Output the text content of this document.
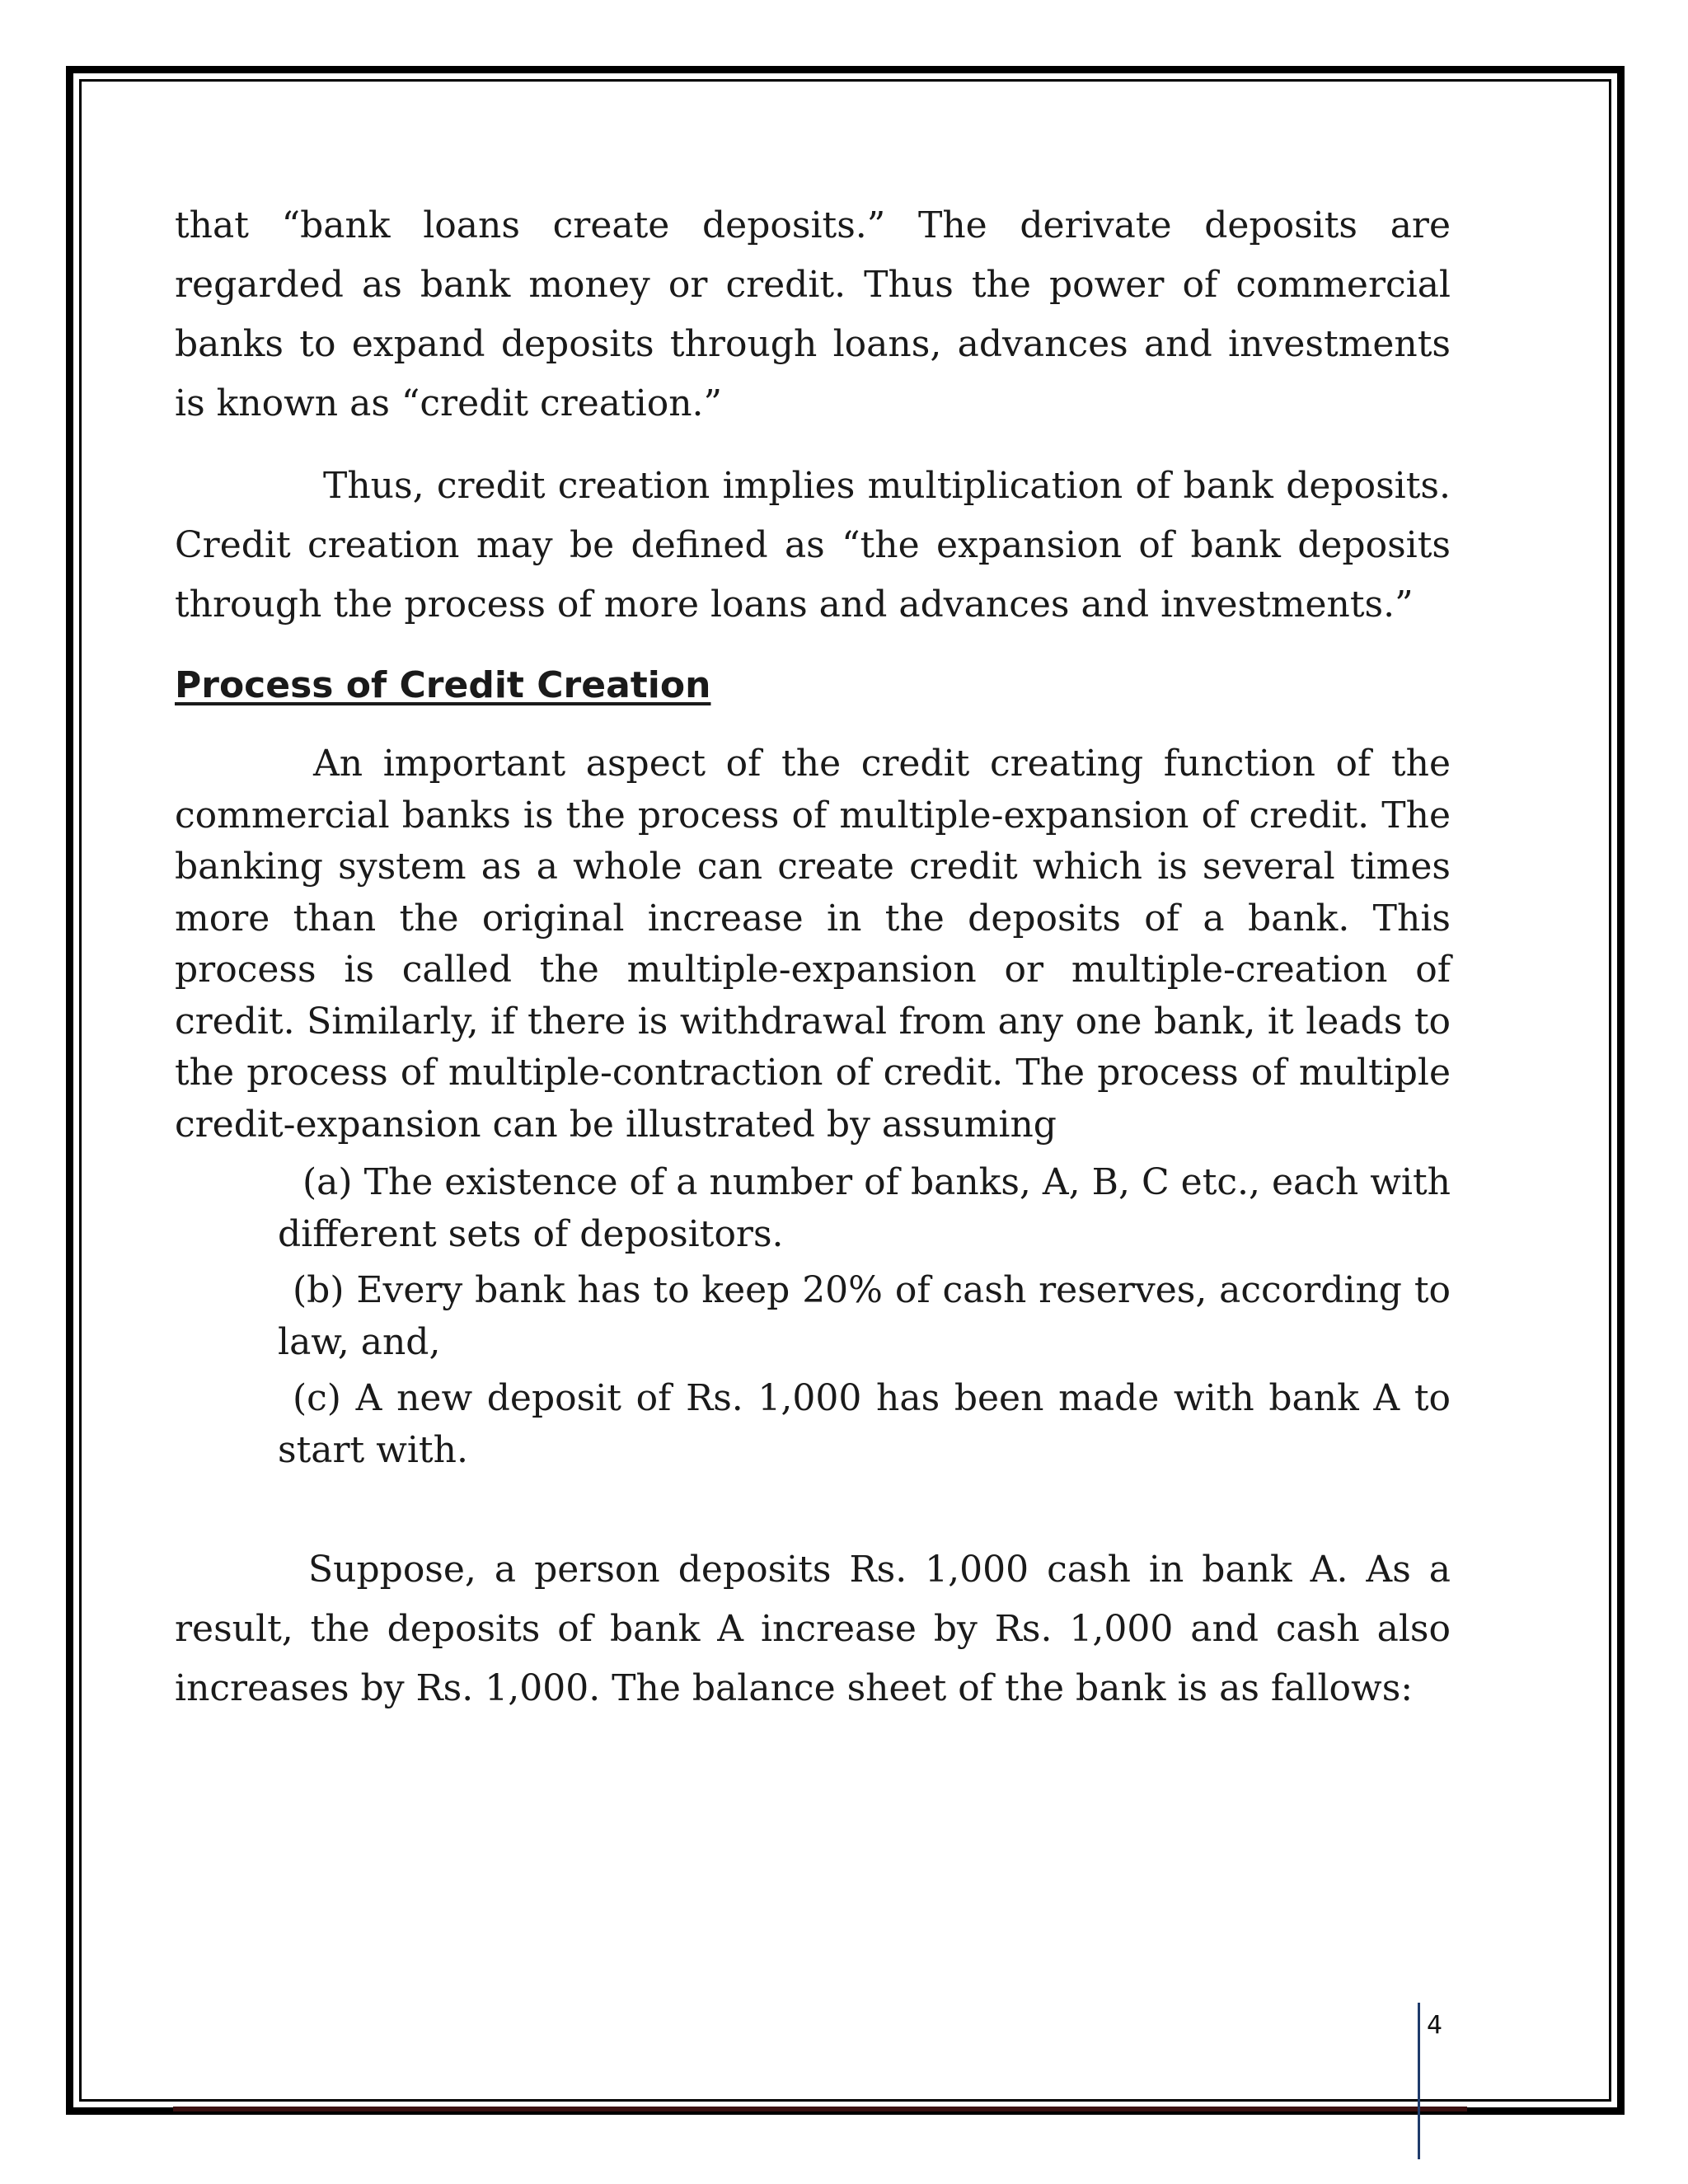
that “bank loans create deposits.” The derivate deposits are regarded as bank money or credit. Thus the power of commercial banks to expand deposits through loans, advances and investments is known as “credit creation.”

Thus, credit creation implies multiplication of bank deposits. Credit creation may be defined as “the expansion of bank deposits through the process of more loans and advances and investments.”

Process of Credit Creation

An important aspect of the credit creating function of the commercial banks is the process of multiple-expansion of credit. The banking system as a whole can create credit which is several times more than the original increase in the deposits of a bank. This process is called the multiple-expansion or multiple-creation of credit. Similarly, if there is withdrawal from any one bank, it leads to the process of multiple-contraction of credit. The process of multiple credit-expansion can be illustrated by assuming

(a) The existence of a number of banks, A, B, C etc., each with different sets of depositors.
(b) Every bank has to keep 20% of cash reserves, according to law, and,
(c) A new deposit of Rs. 1,000 has been made with bank A to start with.

Suppose, a person deposits Rs. 1,000 cash in bank A. As a result, the deposits of bank A increase by Rs. 1,000 and cash also increases by Rs. 1,000. The balance sheet of the bank is as fallows:

4
